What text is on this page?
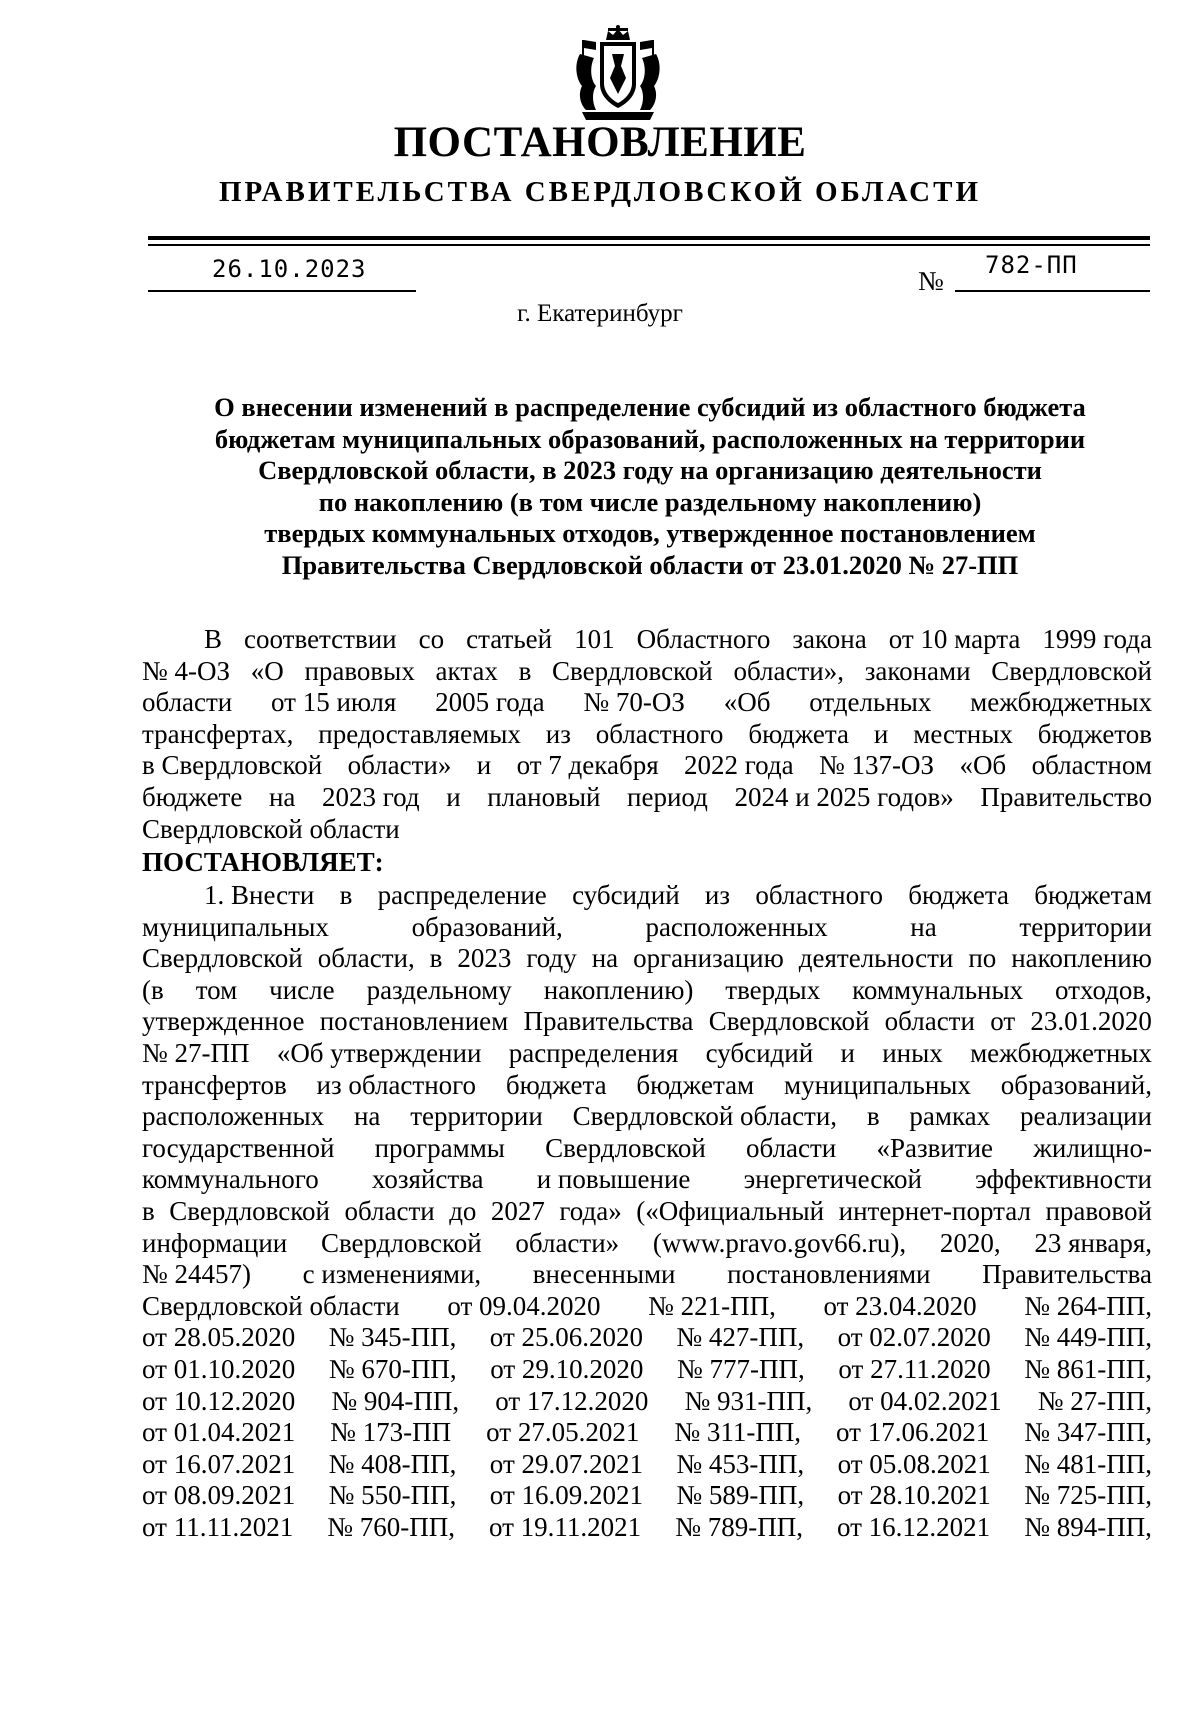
ПОСТАНОВЛЕНИЕ
ПРАВИТЕЛЬСТВА СВЕРДЛОВСКОЙ ОБЛАСТИ
26.10.2023	№
782-ПП
г. Екатеринбург
О внесении изменений в распределение субсидий из областного бюджета
бюджетам муниципальных образований, расположенных на территории
Свердловской области, в 2023 году на организацию деятельности
по накоплению (в том числе раздельному накоплению)
твердых коммунальных отходов, утвержденное постановлением
Правительства Свердловской области от 23.01.2020 № 27-ПП
В соответствии со статьей 101 Областного закона от 10 марта 1999 года
№ 4-ОЗ «О правовых актах в Свердловской области», законами Свердловской
области от 15 июля 2005 года № 70-ОЗ «Об отдельных межбюджетных
трансфертах, предоставляемых из областного бюджета и местных бюджетов
в Свердловской области» и от 7 декабря 2022 года № 137-ОЗ «Об областном
бюджете на 2023 год и плановый период 2024 и 2025 годов» Правительство
Свердловской области
ПОСТАНОВЛЯЕТ:
1. Внести в распределение субсидий из областного бюджета бюджетам
муниципальных	образований,	расположенных	на	территории
Свердловской области, в 2023 году на организацию деятельности по накоплению
(в том числе раздельному накоплению) твердых коммунальных отходов,
утвержденное постановлением Правительства Свердловской области от 23.01.2020
№ 27-ПП «Об утверждении распределения субсидий и иных межбюджетных
трансфертов из областного бюджета бюджетам муниципальных образований,
расположенных на территории Свердловской области, в рамках реализации
государственной программы Свердловской области «Развитие жилищно-
коммунального хозяйства и повышение энергетической эффективности
в Свердловской области до 2027 года» («Официальный интернет-портал правовой
информации Свердловской области» (www.pravo.gov66.ru), 2020, 23 января,
№ 24457) с изменениями, внесенными постановлениями Правительства
Свердловской области от 09.04.2020 № 221-ПП, от 23.04.2020 № 264-ПП,
от 28.05.2020 № 345-ПП, от 25.06.2020 № 427-ПП, от 02.07.2020 № 449-ПП,
от 01.10.2020 № 670-ПП, от 29.10.2020 № 777-ПП, от 27.11.2020 № 861-ПП,
от 10.12.2020 № 904-ПП, от 17.12.2020 № 931-ПП, от 04.02.2021 № 27-ПП,
от 01.04.2021 № 173-ПП от 27.05.2021 № 311-ПП, от 17.06.2021 № 347-ПП,
от 16.07.2021 № 408-ПП, от 29.07.2021 № 453-ПП, от 05.08.2021 № 481-ПП,
от 08.09.2021 № 550-ПП, от 16.09.2021 № 589-ПП, от 28.10.2021 № 725-ПП,
от 11.11.2021 № 760-ПП, от 19.11.2021 № 789-ПП, от 16.12.2021 № 894-ПП,
